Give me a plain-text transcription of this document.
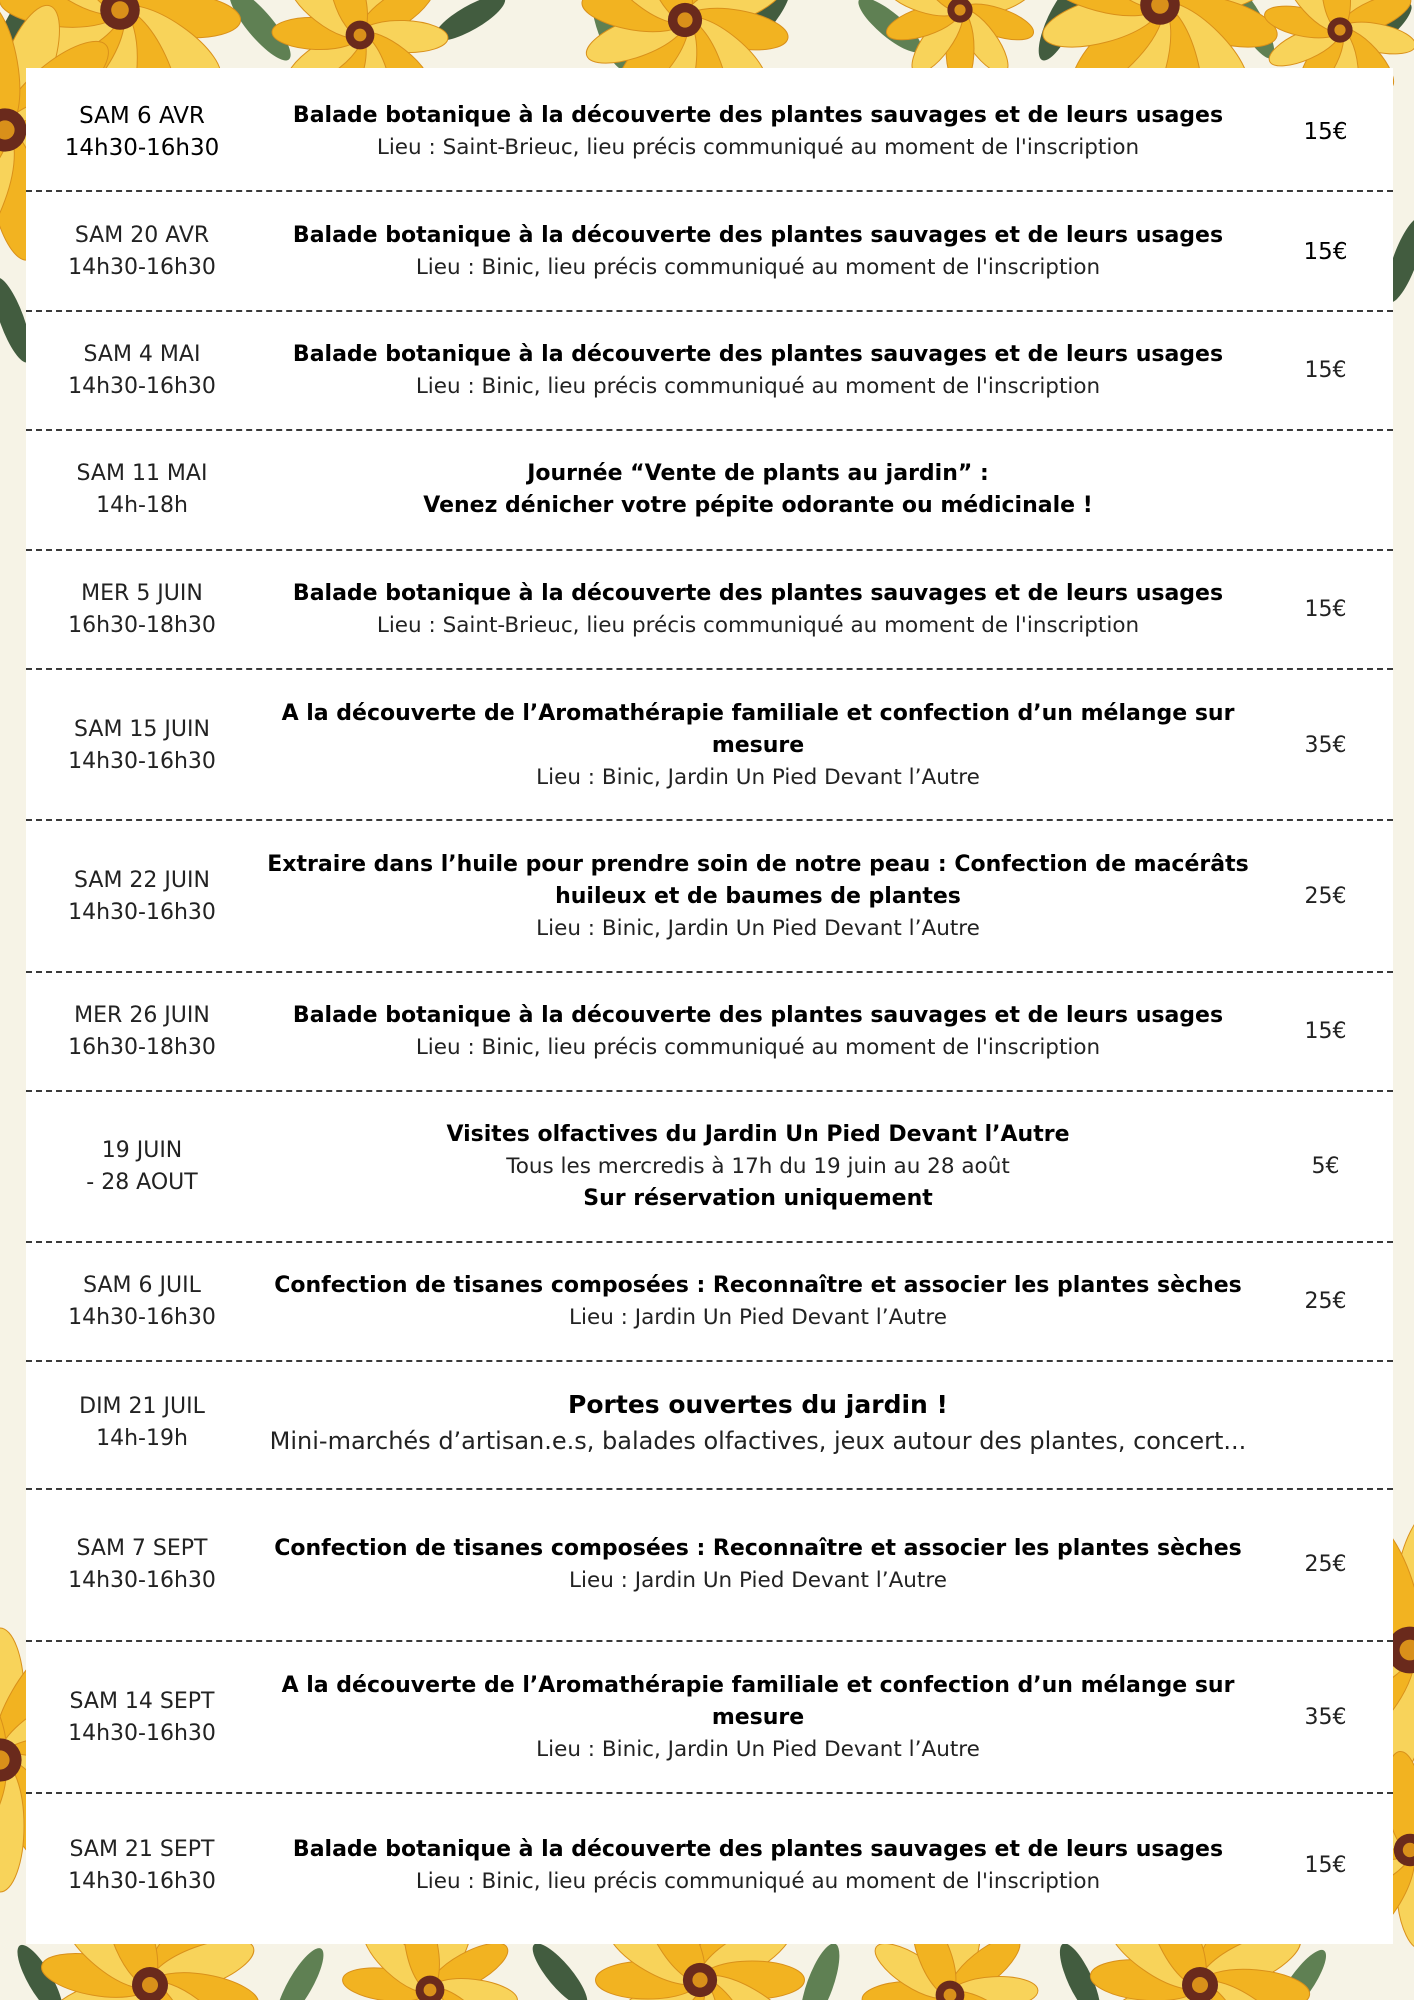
SAM 6 AVR
14h30-16h30
Balade botanique à la découverte des plantes sauvages et de leurs usages
Lieu : Saint-Brieuc, lieu précis communiqué au moment de l'inscription
15€
SAM 20 AVR
14h30-16h30
Balade botanique à la découverte des plantes sauvages et de leurs usages
Lieu : Binic, lieu précis communiqué au moment de l'inscription
15€
SAM 4 MAI
14h30-16h30
Balade botanique à la découverte des plantes sauvages et de leurs usages
Lieu : Binic, lieu précis communiqué au moment de l'inscription
15€
SAM 11 MAI
14h-18h
Journée “Vente de plants au jardin” :
Venez dénicher votre pépite odorante ou médicinale !
MER 5 JUIN
16h30-18h30
Balade botanique à la découverte des plantes sauvages et de leurs usages
Lieu : Saint-Brieuc, lieu précis communiqué au moment de l'inscription
15€
SAM 15 JUIN
14h30-16h30
A la découverte de l’Aromathérapie familiale et confection d’un mélange sur
mesure
Lieu : Binic, Jardin Un Pied Devant l’Autre
35€
SAM 22 JUIN
14h30-16h30
Extraire dans l’huile pour prendre soin de notre peau : Confection de macérâts
huileux et de baumes de plantes
Lieu : Binic, Jardin Un Pied Devant l’Autre
25€
MER 26 JUIN
16h30-18h30
Balade botanique à la découverte des plantes sauvages et de leurs usages
Lieu : Binic, lieu précis communiqué au moment de l'inscription
15€
19 JUIN
- 28 AOUT
Visites olfactives du Jardin Un Pied Devant l’Autre
Tous les mercredis à 17h du 19 juin au 28 août
Sur réservation uniquement
5€
SAM 6 JUIL
14h30-16h30
Confection de tisanes composées : Reconnaître et associer les plantes sèches
Lieu : Jardin Un Pied Devant l’Autre
25€
DIM 21 JUIL
14h-19h
Portes ouvertes du jardin !
Mini-marchés d’artisan.e.s, balades olfactives, jeux autour des plantes, concert...
SAM 7 SEPT
14h30-16h30
Confection de tisanes composées : Reconnaître et associer les plantes sèches
Lieu : Jardin Un Pied Devant l’Autre
25€
SAM 14 SEPT
14h30-16h30
A la découverte de l’Aromathérapie familiale et confection d’un mélange sur
mesure
Lieu : Binic, Jardin Un Pied Devant l’Autre
35€
SAM 21 SEPT
14h30-16h30
Balade botanique à la découverte des plantes sauvages et de leurs usages
Lieu : Binic, lieu précis communiqué au moment de l'inscription
15€
